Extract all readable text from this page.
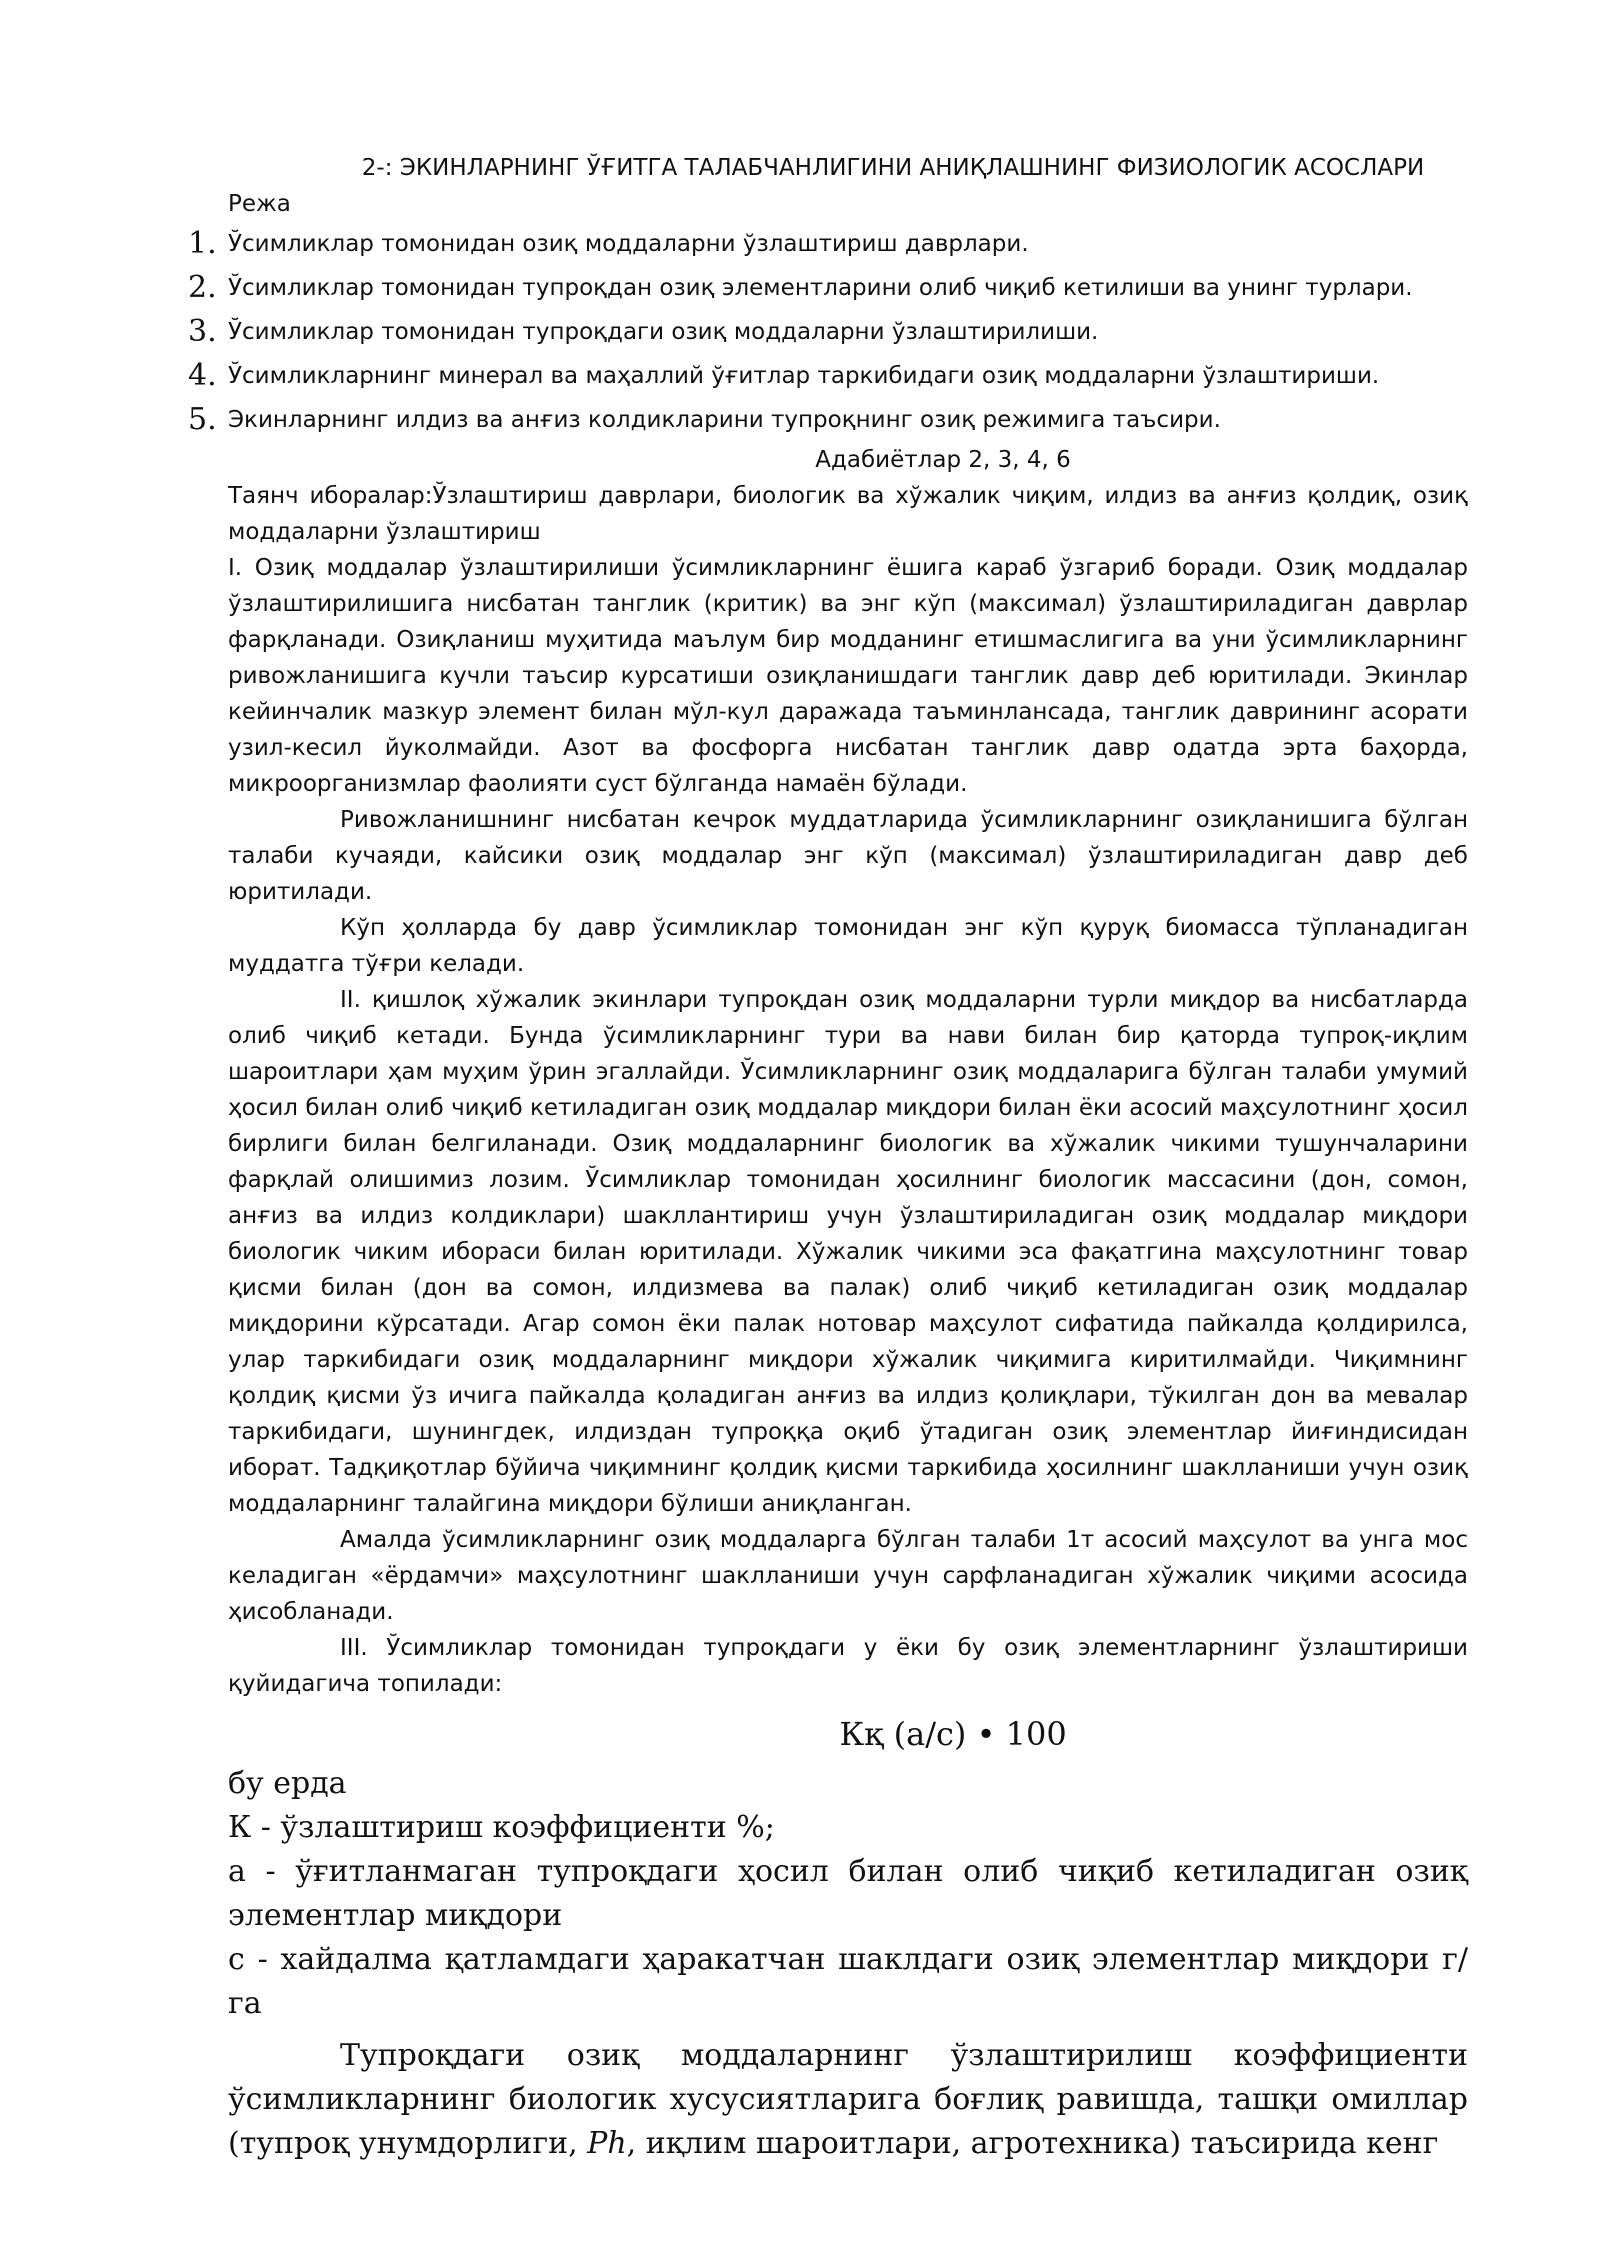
2-: ЭКИНЛАРНИНГ ЎҒИТГА ТАЛАБЧАНЛИГИНИ АНИҚЛАШНИНГ ФИЗИОЛОГИК АСОСЛАРИ

Режа

1. Ўсимликлар томонидан озиқ моддаларни ўзлаштириш даврлари.
2. Ўсимликлар томонидан тупроқдан озиқ элементларини олиб чиқиб кетилиши ва унинг турлари.
3. Ўсимликлар томонидан тупроқдаги озиқ моддаларни ўзлаштирилиши.
4. Ўсимликларнинг минерал ва маҳаллий ўғитлар таркибидаги озиқ моддаларни ўзлаштириши.
5. Экинларнинг илдиз ва анғиз колдикларини тупроқнинг озиқ режимига таъсири.

Адабиётлар 2, 3, 4, 6

Таянч иборалар:Ўзлаштириш даврлари, биологик ва хўжалик чиқим, илдиз ва анғиз қолдиқ, озиқ моддаларни ўзлаштириш

I. Озиқ моддалар ўзлаштирилиши ўсимликларнинг ёшига караб ўзгариб боради. Озиқ моддалар ўзлаштирилишига нисбатан танглик (критик) ва энг кўп (максимал) ўзлаштириладиган даврлар фарқланади. Озиқланиш муҳитида маълум бир модданинг етишмаслигига ва уни ўсимликларнинг ривожланишига кучли таъсир курсатиши озиқланишдаги танглик давр деб юритилади. Экинлар кейинчалик мазкур элемент билан мўл-кул даражада таъминлансада, танглик даврининг асорати узил-кесил йуколмайди. Азот ва фосфорга нисбатан танглик давр одатда эрта баҳорда, микроорганизмлар фаолияти суст бўлганда намаён бўлади.

Ривожланишнинг нисбатан кечрок муддатларида ўсимликларнинг озиқланишига бўлган талаби кучаяди, кайсики озиқ моддалар энг кўп (максимал) ўзлаштириладиган давр деб юритилади.

Кўп ҳолларда бу давр ўсимликлар томонидан энг кўп қуруқ биомасса тўпланадиган муддатга тўғри келади.

II. қишлоқ хўжалик экинлари тупроқдан озиқ моддаларни турли миқдор ва нисбатларда олиб чиқиб кетади. Бунда ўсимликларнинг тури ва нави билан бир қаторда тупроқ-иқлим шароитлари ҳам муҳим ўрин эгаллайди. Ўсимликларнинг озиқ моддаларига бўлган талаби умумий ҳосил билан олиб чиқиб кетиладиган озиқ моддалар миқдори билан ёки асосий маҳсулотнинг ҳосил бирлиги билан белгиланади. Озиқ моддаларнинг биологик ва хўжалик чикими тушунчаларини фарқлай олишимиз лозим. Ўсимликлар томонидан ҳосилнинг биологик массасини (дон, сомон, анғиз ва илдиз колдиклари) шакллантириш учун ўзлаштириладиган озиқ моддалар миқдори биологик чиким ибораси билан юритилади. Хўжалик чикими эса фақатгина маҳсулотнинг товар қисми билан (дон ва сомон, илдизмева ва палак) олиб чиқиб кетиладиган озиқ моддалар миқдорини кўрсатади. Агар сомон ёки палак нотовар маҳсулот сифатида пайкалда қолдирилса, улар таркибидаги озиқ моддаларнинг миқдори хўжалик чиқимига киритилмайди. Чиқимнинг қолдиқ қисми ўз ичига пайкалда қоладиган анғиз ва илдиз қолиқлари, тўкилган дон ва мевалар таркибидаги, шунингдек, илдиздан тупроққа оқиб ўтадиган озиқ элементлар йиғиндисидан иборат. Тадқиқотлар бўйича чиқимнинг қолдиқ қисми таркибида ҳосилнинг шаклланиши учун озиқ моддаларнинг талайгина миқдори бўлиши аниқланган.

Амалда ўсимликларнинг озиқ моддаларга бўлган талаби 1т асосий маҳсулот ва унга мос келадиган «ёрдамчи» маҳсулотнинг шаклланиши учун сарфланадиган хўжалик чиқими асосида ҳисобланади.

III. Ўсимликлар томонидан тупроқдаги у ёки бу озиқ элементларнинг ўзлаштириши қуйидагича топилади:

Кқ (а/с) • 100

бу ерда

К - ўзлаштириш коэффициенти %;

а - ўғитланмаган тупроқдаги ҳосил билан олиб чиқиб кетиладиган озиқ элементлар миқдори

с - хайдалма қатламдаги ҳаракатчан шаклдаги озиқ элементлар миқдори г/га

Тупроқдаги озиқ моддаларнинг ўзлаштирилиш коэффициенти ўсимликларнинг биологик хусусиятларига боғлиқ равишда, ташқи омиллар (тупроқ унумдорлиги, Ph, иқлим шароитлари, агротехника) таъсирида кенг
